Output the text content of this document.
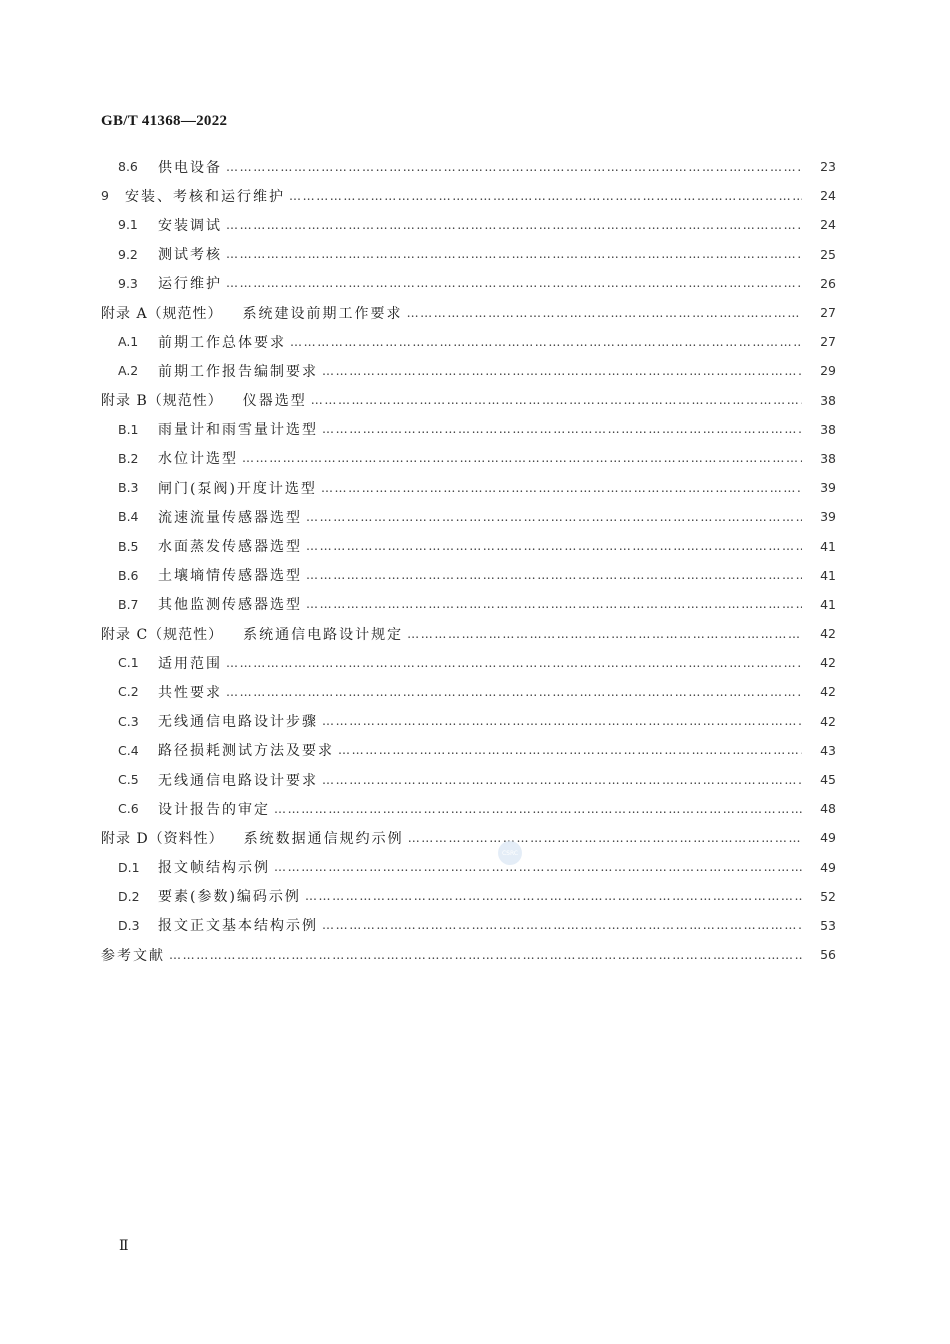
GB/T 41368—2022
8.6	供电设备 ……………………………………………………………………………………………………………………………………………………………………………………………………………………	23
9	安装、考核和运行维护 ……………………………………………………………………………………………………………………………………………………………………………………………………………………	24
9.1	安装调试 ……………………………………………………………………………………………………………………………………………………………………………………………………………………	24
9.2	测试考核 ……………………………………………………………………………………………………………………………………………………………………………………………………………………	25
9.3	运行维护 ……………………………………………………………………………………………………………………………………………………………………………………………………………………	26
附录 A（规范性） 系统建设前期工作要求 ……………………………………………………………………………………………………………………………………………………………………………………………………………………	27
A.1	前期工作总体要求 ……………………………………………………………………………………………………………………………………………………………………………………………………………………	27
A.2	前期工作报告编制要求 ……………………………………………………………………………………………………………………………………………………………………………………………………………………	29
附录 B（规范性） 仪器选型 ……………………………………………………………………………………………………………………………………………………………………………………………………………………	38
B.1	雨量计和雨雪量计选型 ……………………………………………………………………………………………………………………………………………………………………………………………………………………	38
B.2	水位计选型 ……………………………………………………………………………………………………………………………………………………………………………………………………………………	38
B.3	闸门(泵阀)开度计选型 ……………………………………………………………………………………………………………………………………………………………………………………………………………………	39
B.4	流速流量传感器选型 ……………………………………………………………………………………………………………………………………………………………………………………………………………………	39
B.5	水面蒸发传感器选型 ……………………………………………………………………………………………………………………………………………………………………………………………………………………	41
B.6	土壤墒情传感器选型 ……………………………………………………………………………………………………………………………………………………………………………………………………………………	41
B.7	其他监测传感器选型 ……………………………………………………………………………………………………………………………………………………………………………………………………………………	41
附录 C（规范性） 系统通信电路设计规定 ……………………………………………………………………………………………………………………………………………………………………………………………………………………	42
C.1	适用范围 ……………………………………………………………………………………………………………………………………………………………………………………………………………………	42
C.2	共性要求 ……………………………………………………………………………………………………………………………………………………………………………………………………………………	42
C.3	无线通信电路设计步骤 ……………………………………………………………………………………………………………………………………………………………………………………………………………………	42
C.4	路径损耗测试方法及要求 ……………………………………………………………………………………………………………………………………………………………………………………………………………………	43
C.5	无线通信电路设计要求 ……………………………………………………………………………………………………………………………………………………………………………………………………………………	45
C.6	设计报告的审定 ……………………………………………………………………………………………………………………………………………………………………………………………………………………	48
附录 D（资料性） 系统数据通信规约示例 ……………………………………………………………………………………………………………………………………………………………………………………………………………………	49
D.1	报文帧结构示例 ……………………………………………………………………………………………………………………………………………………………………………………………………………………	49
D.2	要素(参数)编码示例 ……………………………………………………………………………………………………………………………………………………………………………………………………………………	52
D.3	报文正文基本结构示例 ……………………………………………………………………………………………………………………………………………………………………………………………………………………	53
参考文献 ……………………………………………………………………………………………………………………………………………………………………………………………………………………	56
CSRC
Ⅱ
